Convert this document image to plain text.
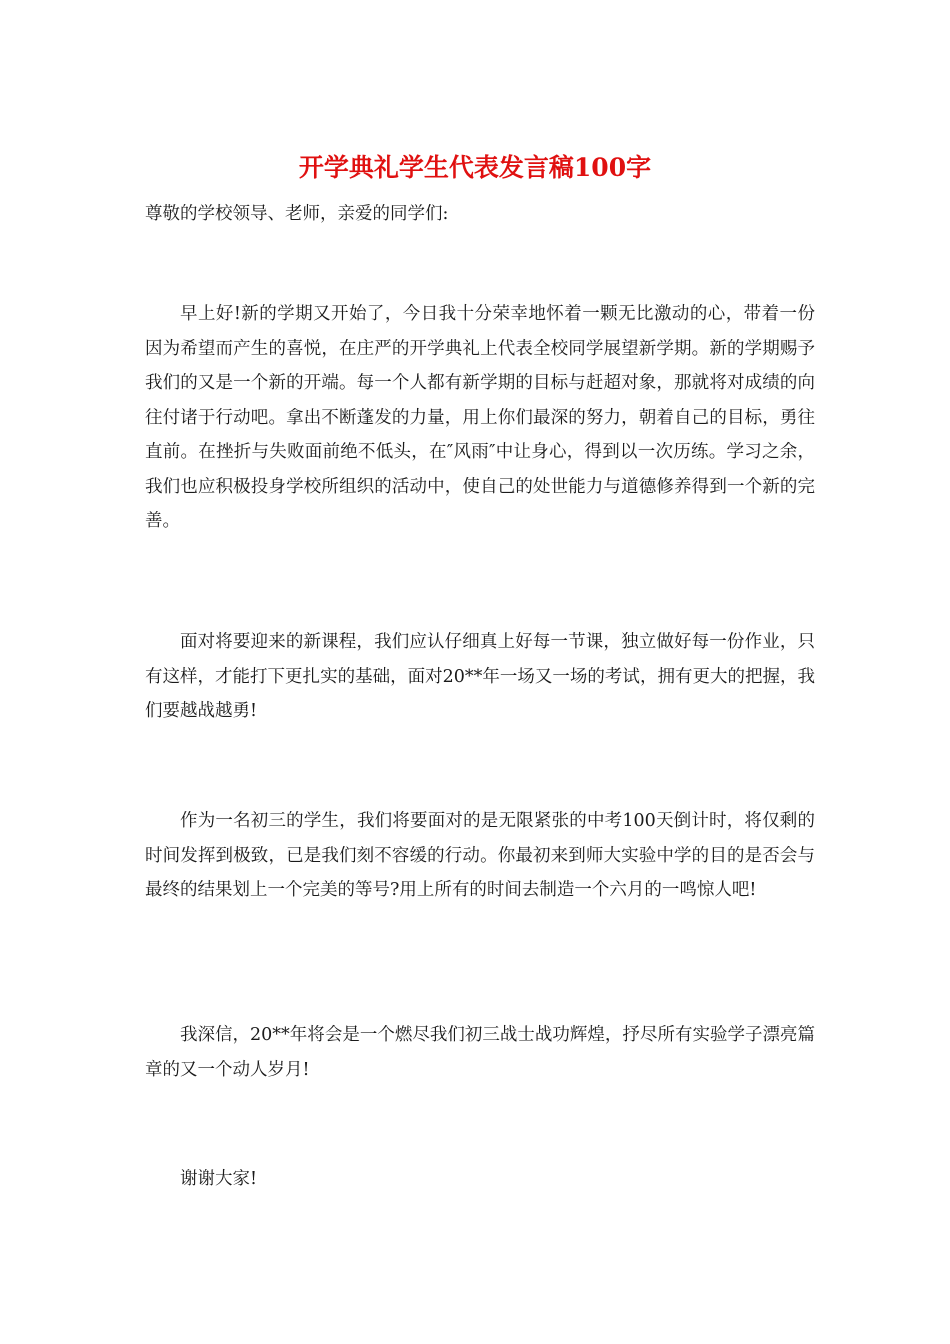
开学典礼学生代表发言稿100字

尊敬的学校领导、老师，亲爱的同学们:

早上好!新的学期又开始了，今日我十分荣幸地怀着一颗无比激动的心，带着一份因为希望而产生的喜悦，在庄严的开学典礼上代表全校同学展望新学期。新的学期赐予我们的又是一个新的开端。每一个人都有新学期的目标与赶超对象，那就将对成绩的向往付诸于行动吧。拿出不断蓬发的力量，用上你们最深的努力，朝着自己的目标，勇往直前。在挫折与失败面前绝不低头，在″风雨″中让身心，得到以一次历练。学习之余，我们也应积极投身学校所组织的活动中，使自己的处世能力与道德修养得到一个新的完善。

面对将要迎来的新课程，我们应认仔细真上好每一节课，独立做好每一份作业，只有这样，才能打下更扎实的基础，面对20**年一场又一场的考试，拥有更大的把握，我们要越战越勇!

作为一名初三的学生，我们将要面对的是无限紧张的中考100天倒计时，将仅剩的时间发挥到极致，已是我们刻不容缓的行动。你最初来到师大实验中学的目的是否会与最终的结果划上一个完美的等号?用上所有的时间去制造一个六月的一鸣惊人吧!

我深信，20**年将会是一个燃尽我们初三战士战功辉煌，抒尽所有实验学子漂亮篇章的又一个动人岁月!

谢谢大家!
